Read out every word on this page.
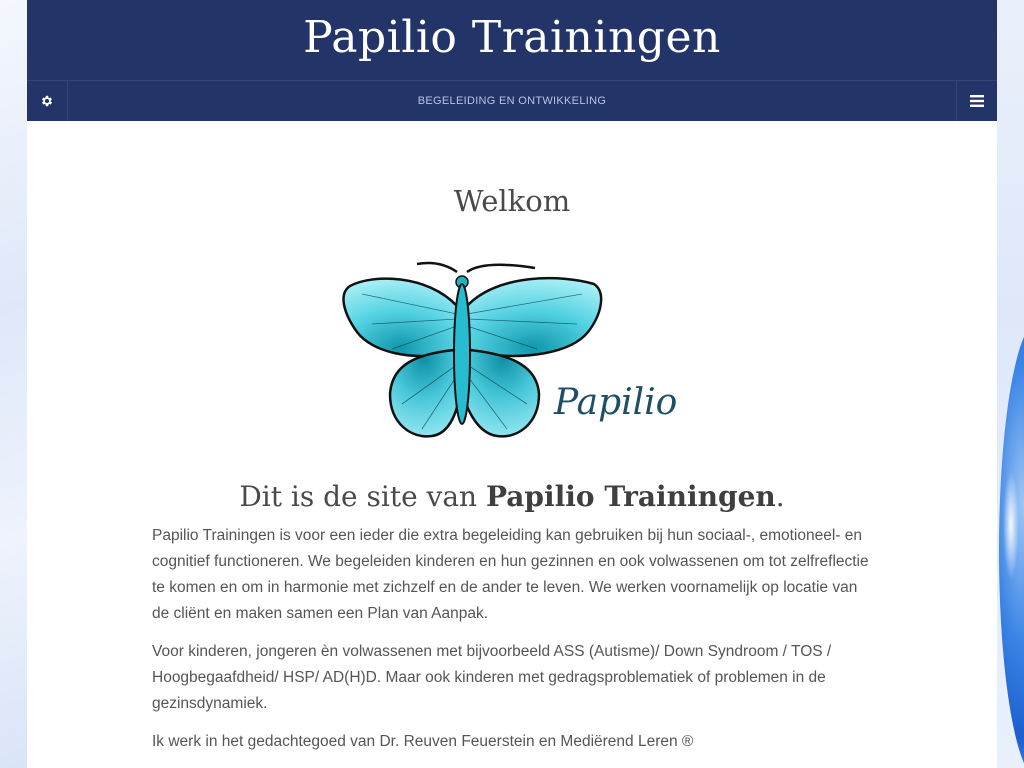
Papilio Trainingen
BEGELEIDING EN ONTWIKKELING
Welkom
Papilio
Dit is de site van Papilio Trainingen.

Papilio Trainingen is voor een ieder die extra begeleiding kan gebruiken bij hun sociaal-, emotioneel- en cognitief functioneren. We begeleiden kinderen en hun gezinnen en ook volwassenen om tot zelfreflectie te komen en om in harmonie met zichzelf en de ander te leven. We werken voornamelijk op locatie van de cliënt en maken samen een Plan van Aanpak.

Voor kinderen, jongeren èn volwassenen met bijvoorbeeld ASS (Autisme)/ Down Syndroom / TOS / Hoogbegaafdheid/ HSP/ AD(H)D. Maar ook kinderen met gedragsproblematiek of problemen in de gezinsdynamiek.

Ik werk in het gedachtegoed van Dr. Reuven Feuerstein en Mediërend Leren ®
